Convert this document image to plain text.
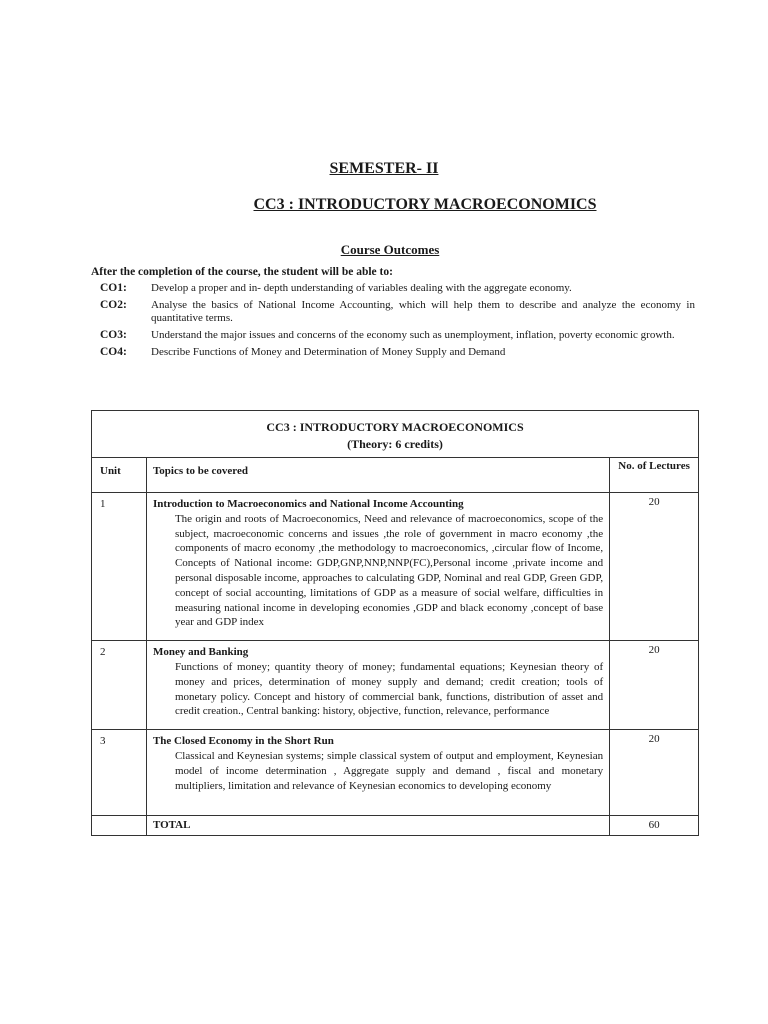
SEMESTER- II
CC3 : INTRODUCTORY MACROECONOMICS
Course Outcomes
After the completion of the course, the student will be able to:
CO1:	Develop a proper and in- depth understanding of variables dealing with the aggregate economy.
CO2:	Analyse the basics of National Income Accounting, which will help them to describe and analyze the economy in quantitative terms.
CO3:	Understand the major issues and concerns of the economy such as unemployment, inflation, poverty economic growth.
CO4:	Describe Functions of Money and Determination of Money Supply and Demand
CC3 : INTRODUCTORY MACROECONOMICS
(Theory: 6 credits)		

Unit	Topics to be covered	No. of Lectures
1	Introduction to Macroeconomics and National Income Accounting
The origin and roots of Macroeconomics, Need and relevance of macroeconomics, scope of the subject, macroeconomic concerns and issues ,the role of government in macro economy ,the components of macro economy ,the methodology to macroeconomics, ,circular flow of Income, Concepts of National income: GDP,GNP,NNP,NNP(FC),Personal income ,private income and personal disposable income, approaches to calculating GDP, Nominal and real GDP, Green GDP, concept of social accounting, limitations of GDP as a measure of social welfare, difficulties in measuring national income in developing economies ,GDP and black economy ,concept of base year and GDP index	20
2	Money and Banking
Functions of money; quantity theory of money; fundamental equations; Keynesian theory of money and prices, determination of money supply and demand; credit creation; tools of monetary policy. Concept and history of commercial bank, functions, distribution of asset and credit creation., Central banking: history, objective, function, relevance, performance	20
3	The Closed Economy in the Short Run
Classical and Keynesian systems; simple classical system of output and employment, Keynesian model of income determination , Aggregate supply and demand , fiscal and monetary multipliers, limitation and relevance of Keynesian economics to developing economy	20
	TOTAL	60
